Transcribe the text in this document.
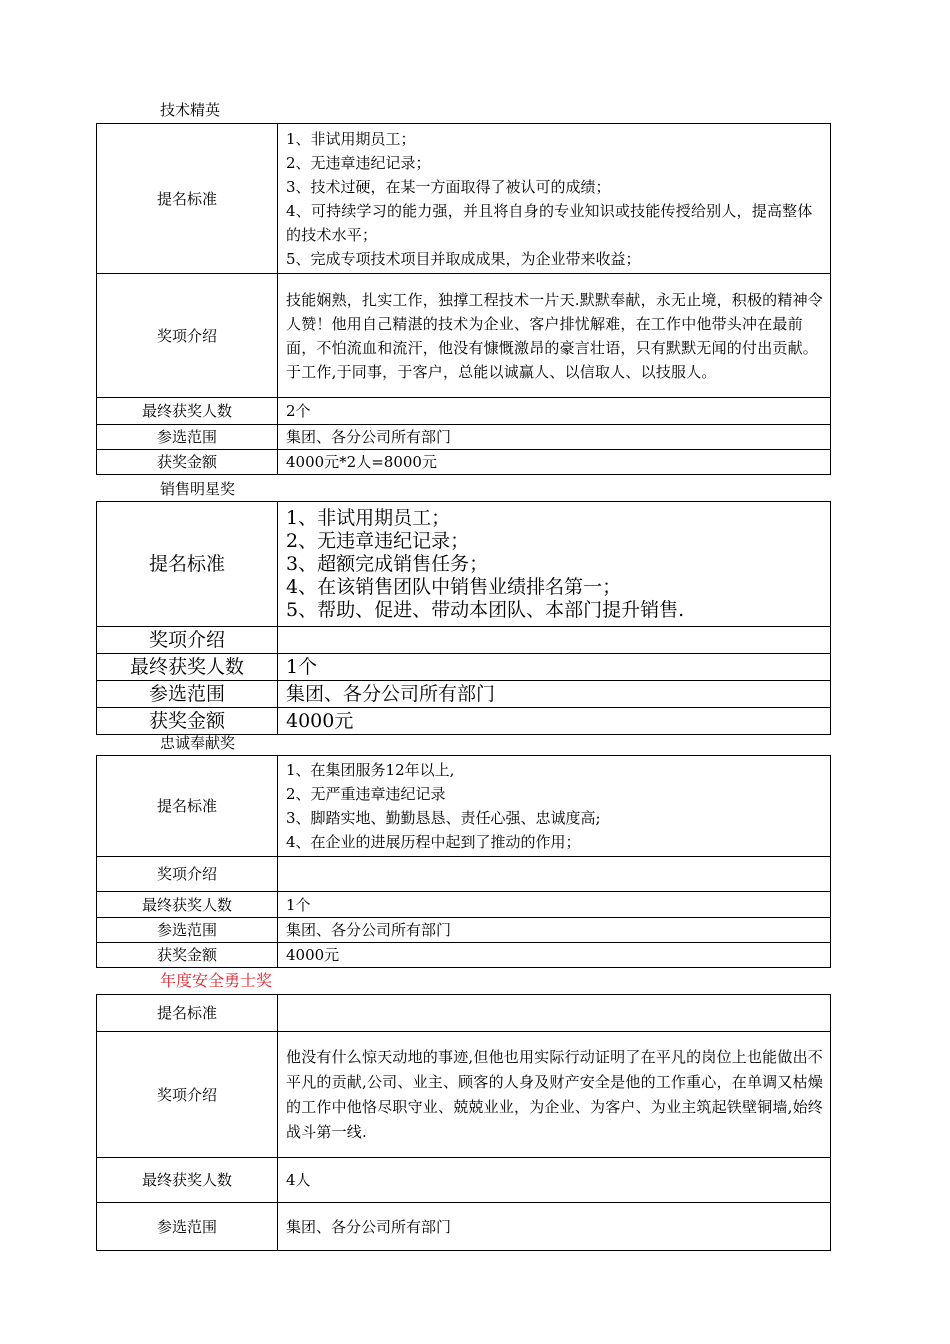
技术精英
提名标准	1、非试用期员工；
2、无违章违纪记录；
3、技术过硬，在某一方面取得了被认可的成绩；
4、可持续学习的能力强，并且将自身的专业知识或技能传授给别人，提高整体的技术水平；
5、完成专项技术项目并取成成果，为企业带来收益；

奖项介绍	技能娴熟，扎实工作，独撑工程技术一片天.默默奉献，永无止境，积极的精神令人赞！他用自己精湛的技术为企业、客户排忧解难，在工作中他带头冲在最前面，不怕流血和流汗，他没有慷慨激昂的豪言壮语，只有默默无闻的付出贡献。于工作,于同事，于客户，总能以诚赢人、以信取人、以技服人。

最终获奖人数	2个
参选范围	集团、各分公司所有部门
获奖金额	4000元*2人=8000元
销售明星奖
提名标准	1、非试用期员工；
2、无违章违纪记录；
3、超额完成销售任务；
4、在该销售团队中销售业绩排名第一；
5、帮助、促进、带动本团队、本部门提升销售.

奖项介绍	
最终获奖人数	1个
参选范围	集团、各分公司所有部门
获奖金额	4000元
忠诚奉献奖
提名标准	1、在集团服务12年以上,
2、无严重违章违纪记录
3、脚踏实地、勤勤恳恳、责任心强、忠诚度高;
4、在企业的进展历程中起到了推动的作用；

奖项介绍	
最终获奖人数	1个
参选范围	集团、各分公司所有部门
获奖金额	4000元
年度安全勇士奖
提名标准	
奖项介绍	他没有什么惊天动地的事迹,但他也用实际行动证明了在平凡的岗位上也能做出不平凡的贡献,公司、业主、顾客的人身及财产安全是他的工作重心，在单调又枯燥的工作中他恪尽职守业、兢兢业业，为企业、为客户、为业主筑起铁壁铜墙,始终战斗第一线.

最终获奖人数	4人
参选范围	集团、各分公司所有部门
